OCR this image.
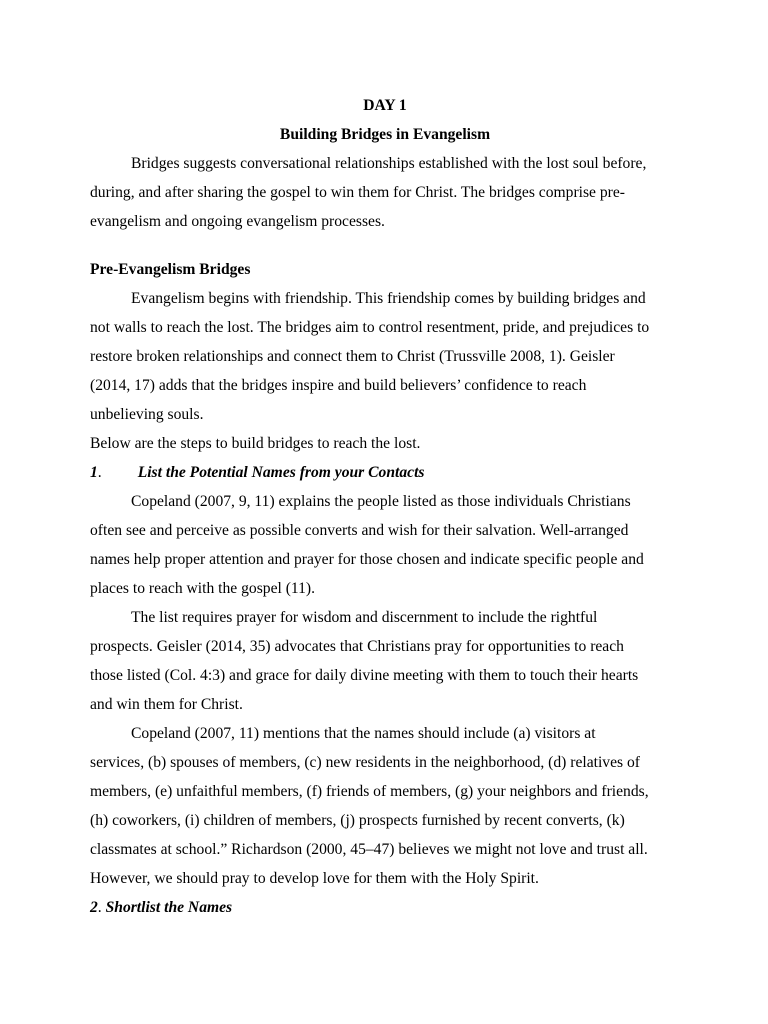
DAY 1

Building Bridges in Evangelism

Bridges suggests conversational relationships established with the lost soul before,
during, and after sharing the gospel to win them for Christ. The bridges comprise pre-
evangelism and ongoing evangelism processes.

Pre-Evangelism Bridges

Evangelism begins with friendship. This friendship comes by building bridges and
not walls to reach the lost. The bridges aim to control resentment, pride, and prejudices to
restore broken relationships and connect them to Christ (Trussville 2008, 1). Geisler
(2014, 17) adds that the bridges inspire and build believers’ confidence to reach
unbelieving souls.

Below are the steps to build bridges to reach the lost.

1. List the Potential Names from your Contacts

Copeland (2007, 9, 11) explains the people listed as those individuals Christians
often see and perceive as possible converts and wish for their salvation. Well-arranged
names help proper attention and prayer for those chosen and indicate specific people and
places to reach with the gospel (11).

The list requires prayer for wisdom and discernment to include the rightful
prospects. Geisler (2014, 35) advocates that Christians pray for opportunities to reach
those listed (Col. 4:3) and grace for daily divine meeting with them to touch their hearts
and win them for Christ.

Copeland (2007, 11) mentions that the names should include (a) visitors at
services, (b) spouses of members, (c) new residents in the neighborhood, (d) relatives of
members, (e) unfaithful members, (f) friends of members, (g) your neighbors and friends,
(h) coworkers, (i) children of members, (j) prospects furnished by recent converts, (k)
classmates at school.” Richardson (2000, 45–47) believes we might not love and trust all.
However, we should pray to develop love for them with the Holy Spirit.

2. Shortlist the Names
